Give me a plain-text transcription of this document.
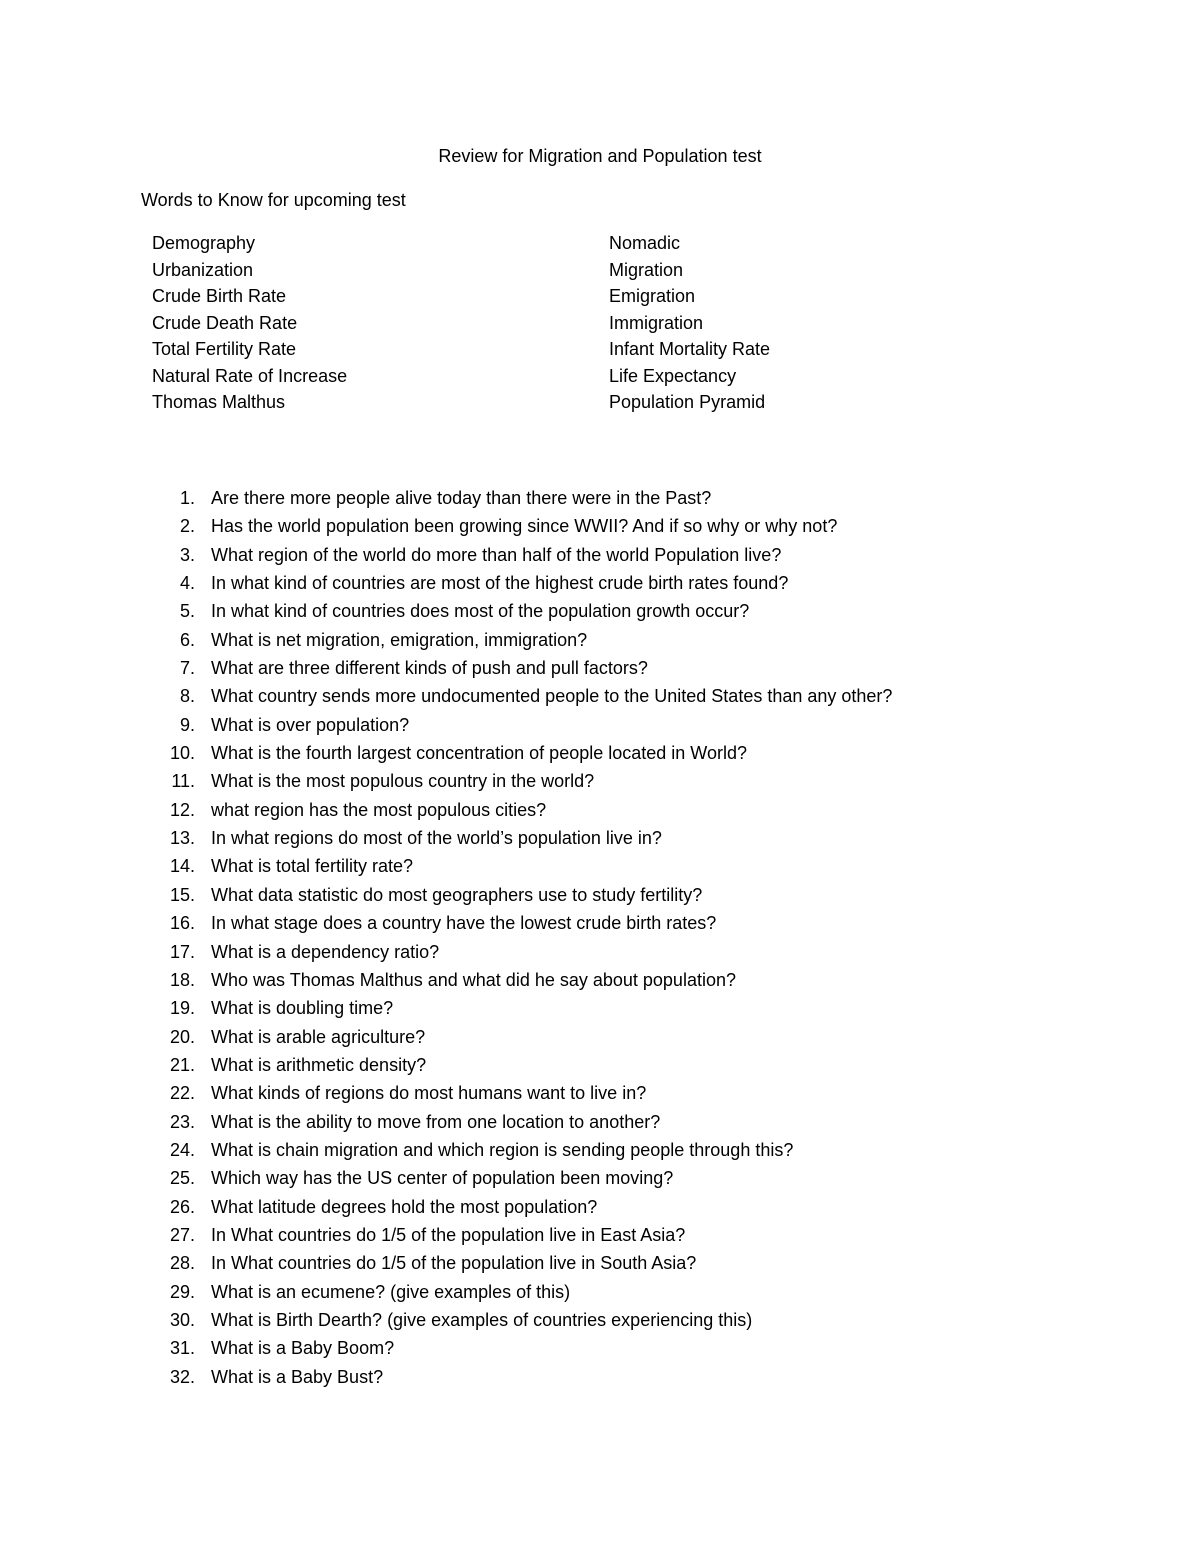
Review for Migration and Population test
Words to Know for upcoming test
Demography
Urbanization
Crude Birth Rate
Crude Death Rate
Total Fertility Rate
Natural Rate of Increase
Thomas Malthus
Nomadic
Migration
Emigration
Immigration
Infant Mortality Rate
Life Expectancy
Population Pyramid
1. Are there more people alive today than there were in the Past?
2. Has the world population been growing since WWII? And if so why or why not?
3. What region of the world do more than half of the world Population live?
4. In what kind of countries are most of the highest crude birth rates found?
5. In what kind of countries does most of the population growth occur?
6. What is net migration, emigration, immigration?
7. What are three different kinds of push and pull factors?
8. What country sends more undocumented people to the United States than any other?
9. What is over population?
10. What is the fourth largest concentration of people located in World?
11. What is the most populous country in the world?
12. what region has the most populous cities?
13. In what regions do most of the world’s population live in?
14. What is total fertility rate?
15. What data statistic do most geographers use to study fertility?
16. In what stage does a country have the lowest crude birth rates?
17. What is a dependency ratio?
18. Who was Thomas Malthus and what did he say about population?
19. What is doubling time?
20. What is arable agriculture?
21. What is arithmetic density?
22. What kinds of regions do most humans want to live in?
23. What is the ability to move from one location to another?
24. What is chain migration and which region is sending people through this?
25. Which way has the US center of population been moving?
26. What latitude degrees hold the most population?
27. In What countries do 1/5 of the population live in East Asia?
28. In What countries do 1/5 of the population live in South Asia?
29. What is an ecumene? (give examples of this)
30. What is Birth Dearth? (give examples of countries experiencing this)
31. What is a Baby Boom?
32. What is a Baby Bust?
